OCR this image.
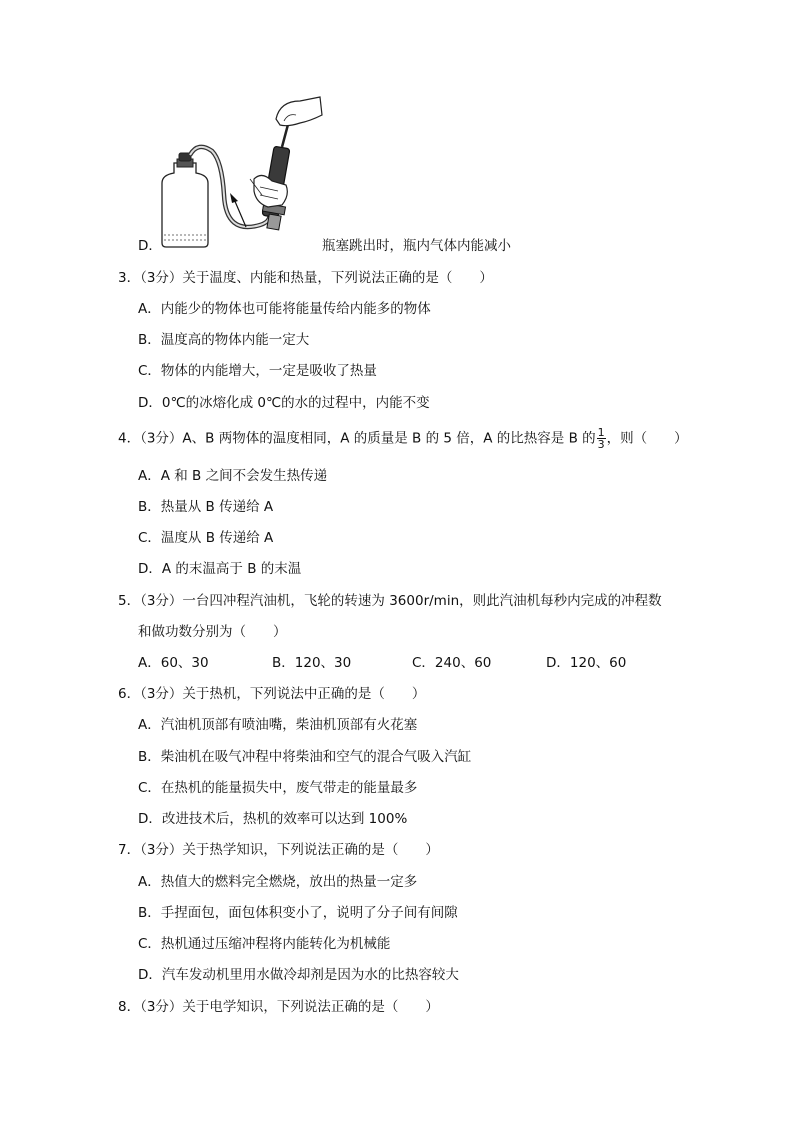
D．	瓶塞跳出时，瓶内气体内能减小
3．（3分）关于温度、内能和热量，下列说法正确的是（　　）
A．内能少的物体也可能将能量传给内能多的物体
B．温度高的物体内能一定大
C．物体的内能增大，一定是吸收了热量
D．0℃的冰熔化成 0℃的水的过程中，内能不变
4．（3分）A、B 两物体的温度相同，A 的质量是 B 的 5 倍，A 的比热容是 B 的 $\frac{1}{3}$ ，则（　　）
A．A 和 B 之间不会发生热传递
B．热量从 B 传递给 A
C．温度从 B 传递给 A
D．A 的末温高于 B 的末温
5．（3分）一台四冲程汽油机，飞轮的转速为 3600r/min，则此汽油机每秒内完成的冲程数
和做功数分别为（　　）
A．60、30	B．120、30	C．240、60	D．120、60
6．（3分）关于热机，下列说法中正确的是（　　）
A．汽油机顶部有喷油嘴，柴油机顶部有火花塞
B．柴油机在吸气冲程中将柴油和空气的混合气吸入汽缸
C．在热机的能量损失中，废气带走的能量最多
D．改进技术后，热机的效率可以达到 100%
7．（3分）关于热学知识，下列说法正确的是（　　）
A．热值大的燃料完全燃烧，放出的热量一定多
B．手捏面包，面包体积变小了，说明了分子间有间隙
C．热机通过压缩冲程将内能转化为机械能
D．汽车发动机里用水做冷却剂是因为水的比热容较大
8．（3分）关于电学知识，下列说法正确的是（　　）
